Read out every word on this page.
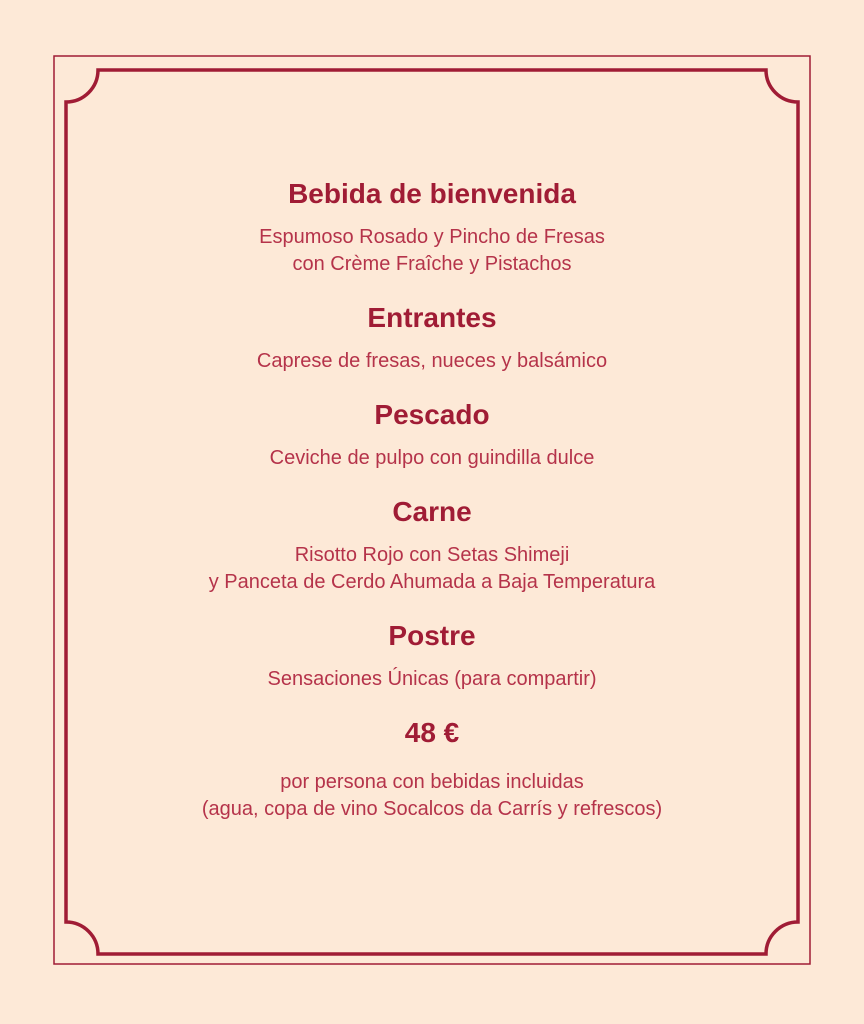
Bebida de bienvenida

Espumoso Rosado y Pincho de Fresas

con Crème Fraîche y Pistachos

Entrantes

Caprese de fresas, nueces y balsámico

Pescado

Ceviche de pulpo con guindilla dulce

Carne

Risotto Rojo con Setas Shimeji

y Panceta de Cerdo Ahumada a Baja Temperatura

Postre

Sensaciones Únicas (para compartir)

48 €

por persona con bebidas incluidas

(agua, copa de vino Socalcos da Carrís y refrescos)
